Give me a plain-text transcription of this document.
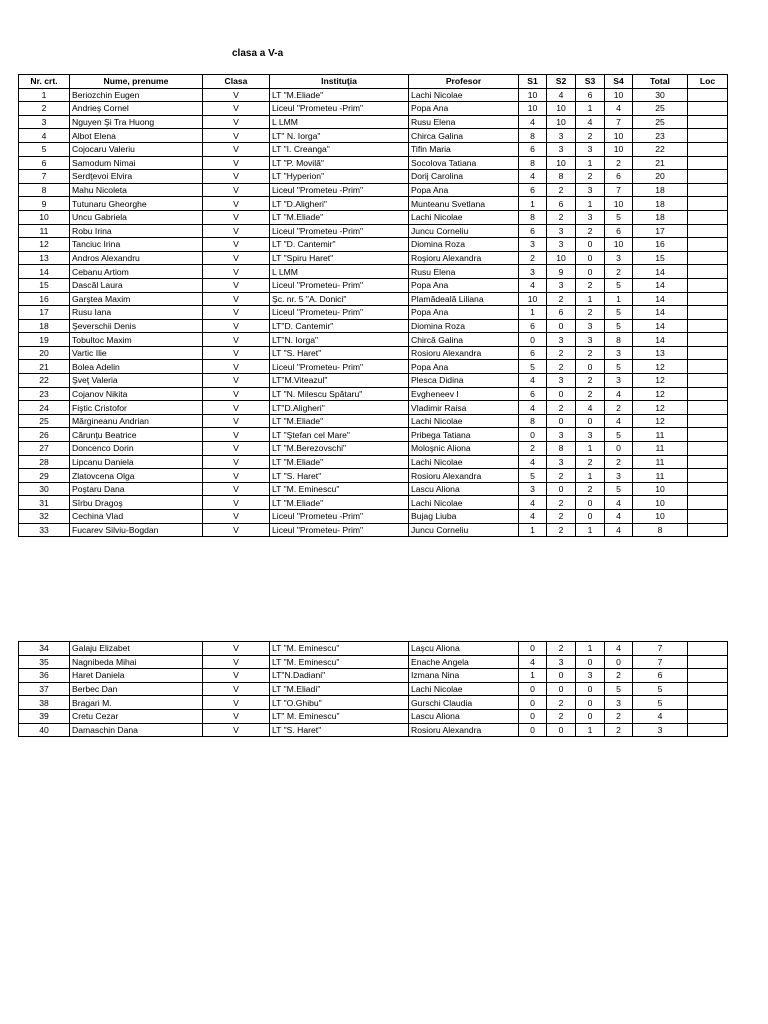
clasa a V-a
Nr. crt.	Nume, prenume	Clasa	Instituţia	Profesor	S1	S2	S3	S4	Total	Loc
1	Beriozchin Eugen	V	LT "M.Eliade"	Lachi Nicolae	10	4	6	10	30	
2	Andrieş Cornel	V	Liceul "Prometeu -Prim"	Popa Ana	10	10	1	4	25	
3	Nguyen Şi Tra Huong	V	L LMM	Rusu Elena	4	10	4	7	25	
4	Albot Elena	V	LT" N. Iorga"	Chirca Galina	8	3	2	10	23	
5	Cojocaru Valeriu	V	LT "I. Creanga"	Tifin Maria	6	3	3	10	22	
6	Samodum Nimai	V	LT "P. Movilă"	Socolova Tatiana	8	10	1	2	21	
7	Serdţevoi Elvira	V	LT "Hyperion"	Dorij Carolina	4	8	2	6	20	
8	Mahu Nicoleta	V	Liceul "Prometeu -Prim"	Popa Ana	6	2	3	7	18	
9	Tutunaru Gheorghe	V	LT "D.Aligheri"	Munteanu Svetlana	1	6	1	10	18	
10	Uncu Gabriela	V	LT "M.Eliade"	Lachi Nicolae	8	2	3	5	18	
11	Robu Irina	V	Liceul "Prometeu -Prim"	Juncu Corneliu	6	3	2	6	17	
12	Tanciuc Irina	V	LT "D. Cantemir"	Diomina Roza	3	3	0	10	16	
13	Andros Alexandru	V	LT "Spiru Haret"	Roşioru Alexandra	2	10	0	3	15	
14	Cebanu Artiom	V	L LMM	Rusu Elena	3	9	0	2	14	
15	Dascăl Laura	V	Liceul "Prometeu- Prim"	Popa Ana	4	3	2	5	14	
16	Garştea Maxim	V	Şc. nr. 5 "A. Donici"	Plamădeală Liliana	10	2	1	1	14	
17	Rusu Iana	V	Liceul "Prometeu- Prim"	Popa Ana	1	6	2	5	14	
18	Şeverschii Denis	V	LT"D. Cantemir"	Diomina Roza	6	0	3	5	14	
19	Tobultoc Maxim	V	LT"N. Iorga"	Chircă Galina	0	3	3	8	14	
20	Vartic Ilie	V	LT "S. Haret"	Rosioru Alexandra	6	2	2	3	13	
21	Bolea Adelin	V	Liceul "Prometeu- Prim"	Popa Ana	5	2	0	5	12	
22	Şveţ Valeria	V	LT"M.Viteazul"	Plesca Didina	4	3	2	3	12	
23	Cojanov Nikita	V	LT "N. Milescu Spătaru"	Evgheneev I	6	0	2	4	12	
24	Fiştic Cristofor	V	LT"D.Aligheri"	Vladimir Raisa	4	2	4	2	12	
25	Mărgineanu Andrian	V	LT "M.Eliade"	Lachi Nicolae	8	0	0	4	12	
26	Cărunţu Beatrice	V	LT "Ştefan cel Mare"	Pribega Tatiana	0	3	3	5	11	
27	Doncenco Dorin	V	LT "M.Berezovschi"	Moloşnic Aliona	2	8	1	0	11	
28	Lipcanu Daniela	V	LT "M.Eliade"	Lachi Nicolae	4	3	2	2	11	
29	Zlatovcena Olga	V	LT "S. Haret"	Rosioru Alexandra	5	2	1	3	11	
30	Poştaru Dana	V	LT "M. Eminescu"	Lascu Aliona	3	0	2	5	10	
31	Sîrbu Dragoş	V	LT "M.Eliade"	Lachi Nicolae	4	2	0	4	10	
32	Cechina Vlad	V	Liceul "Prometeu -Prim"	Bujag Liuba	4	2	0	4	10	
33	Fucarev Silviu-Bogdan	V	Liceul "Prometeu- Prim"	Juncu Corneliu	1	2	1	4	8	
34	Galaju Elizabet	V	LT "M. Eminescu"	Laşcu Aliona	0	2	1	4	7	
35	Nagnibeda Mihai	V	LT "M. Eminescu"	Enache Angela	4	3	0	0	7	
36	Haret Daniela	V	LT"N.Dadiani"	Izmana Nina	1	0	3	2	6	
37	Berbec Dan	V	LT "M.Eliadi"	Lachi Nicolae	0	0	0	5	5	
38	Bragari M.	V	LT "O.Ghibu"	Gurschi Claudia	0	2	0	3	5	
39	Cretu Cezar	V	LT" M. Eminescu"	Lascu Aliona	0	2	0	2	4	
40	Damaschin Dana	V	LT "S. Haret"	Rosioru Alexandra	0	0	1	2	3	
